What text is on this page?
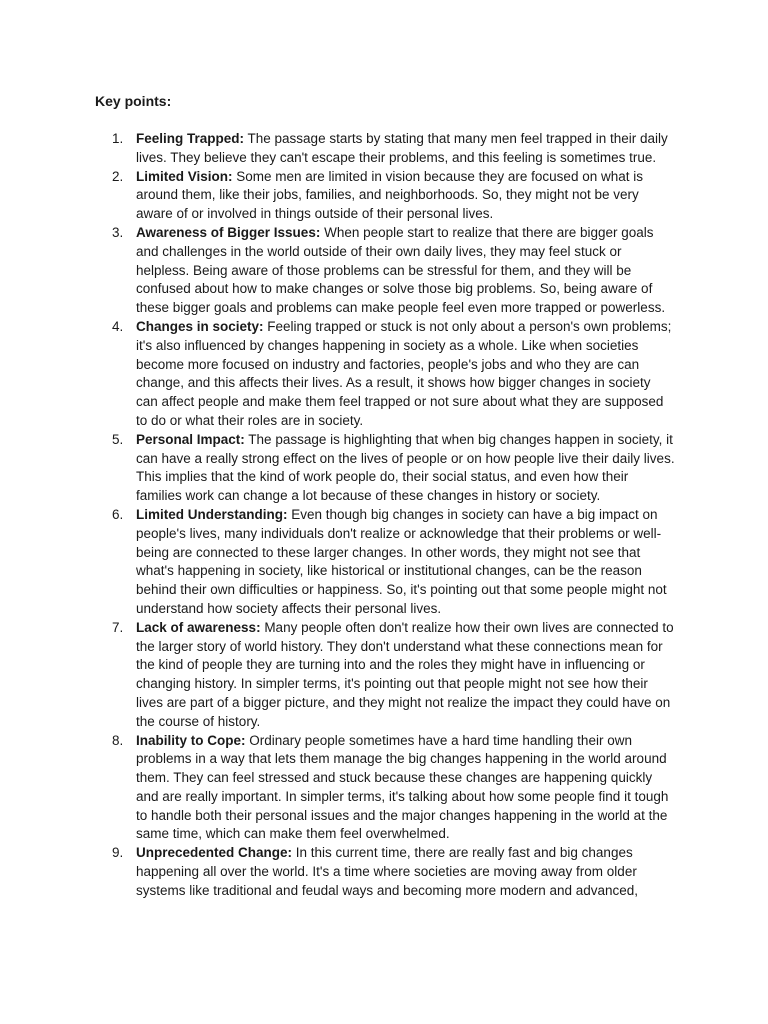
Key points:
1. Feeling Trapped: The passage starts by stating that many men feel trapped in their daily lives. They believe they can't escape their problems, and this feeling is sometimes true.
2. Limited Vision: Some men are limited in vision because they are focused on what is around them, like their jobs, families, and neighborhoods. So, they might not be very aware of or involved in things outside of their personal lives.
3. Awareness of Bigger Issues: When people start to realize that there are bigger goals and challenges in the world outside of their own daily lives, they may feel stuck or helpless. Being aware of those problems can be stressful for them, and they will be confused about how to make changes or solve those big problems. So, being aware of these bigger goals and problems can make people feel even more trapped or powerless.
4. Changes in society: Feeling trapped or stuck is not only about a person's own problems; it's also influenced by changes happening in society as a whole. Like when societies become more focused on industry and factories, people's jobs and who they are can change, and this affects their lives. As a result, it shows how bigger changes in society can affect people and make them feel trapped or not sure about what they are supposed to do or what their roles are in society.
5. Personal Impact: The passage is highlighting that when big changes happen in society, it can have a really strong effect on the lives of people or on how people live their daily lives. This implies that the kind of work people do, their social status, and even how their families work can change a lot because of these changes in history or society.
6. Limited Understanding: Even though big changes in society can have a big impact on people's lives, many individuals don't realize or acknowledge that their problems or well-being are connected to these larger changes. In other words, they might not see that what's happening in society, like historical or institutional changes, can be the reason behind their own difficulties or happiness. So, it's pointing out that some people might not understand how society affects their personal lives.
7. Lack of awareness: Many people often don't realize how their own lives are connected to the larger story of world history. They don't understand what these connections mean for the kind of people they are turning into and the roles they might have in influencing or changing history. In simpler terms, it's pointing out that people might not see how their lives are part of a bigger picture, and they might not realize the impact they could have on the course of history.
8. Inability to Cope: Ordinary people sometimes have a hard time handling their own problems in a way that lets them manage the big changes happening in the world around them. They can feel stressed and stuck because these changes are happening quickly and are really important. In simpler terms, it's talking about how some people find it tough to handle both their personal issues and the major changes happening in the world at the same time, which can make them feel overwhelmed.
9. Unprecedented Change: In this current time, there are really fast and big changes happening all over the world. It's a time where societies are moving away from older systems like traditional and feudal ways and becoming more modern and advanced,
